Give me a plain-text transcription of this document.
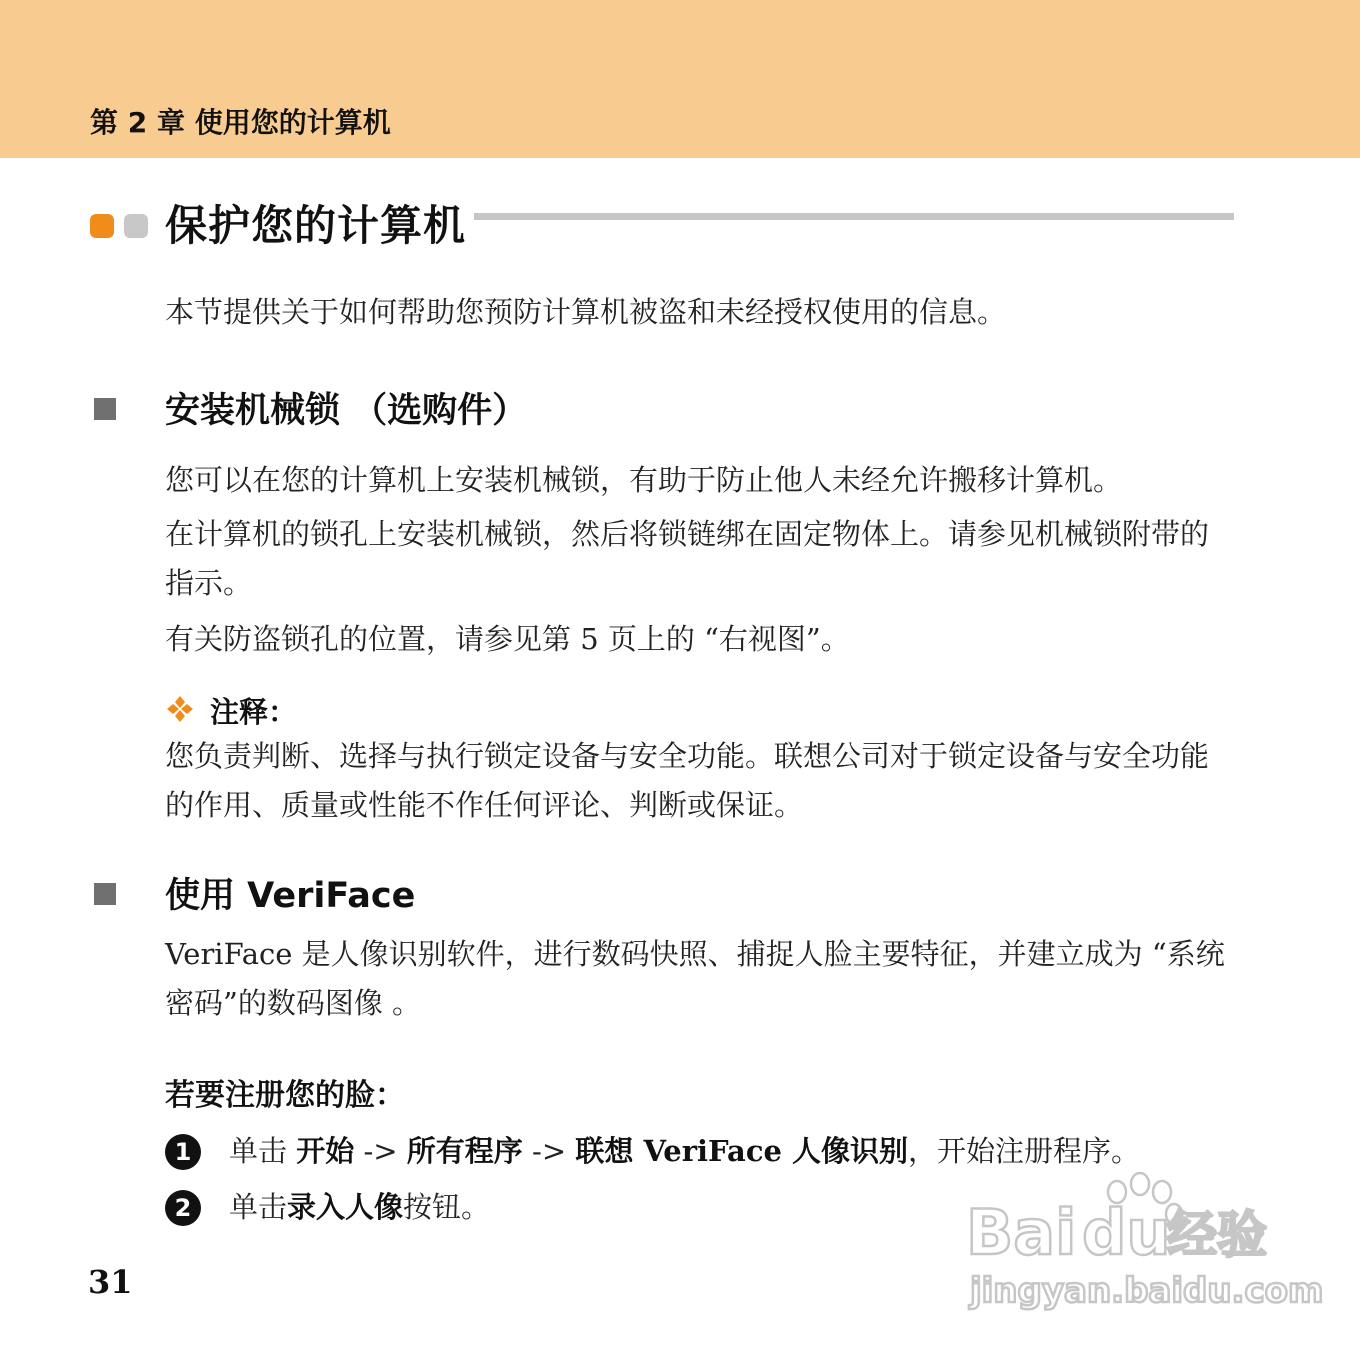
第 2 章 使用您的计算机
保护您的计算机
本节提供关于如何帮助您预防计算机被盗和未经授权使用的信息。
安装机械锁 （选购件）
您可以在您的计算机上安装机械锁，有助于防止他人未经允许搬移计算机。
在计算机的锁孔上安装机械锁，然后将锁链绑在固定物体上。请参见机械锁附带的指示。
有关防盗锁孔的位置，请参见第 5 页上的 “右视图”。
注释：
您负责判断、选择与执行锁定设备与安全功能。联想公司对于锁定设备与安全功能的作用、质量或性能不作任何评论、判断或保证。
使用 VeriFace
VeriFace 是人像识别软件，进行数码快照、捕捉人脸主要特征，并建立成为 “系统密码”的数码图像 。
若要注册您的脸：
1	单击 开始 -> 所有程序 -> 联想 VeriFace 人像识别，开始注册程序。
2	单击录入人像按钮。
31
Bai du
经验
jingyan.baidu.com
